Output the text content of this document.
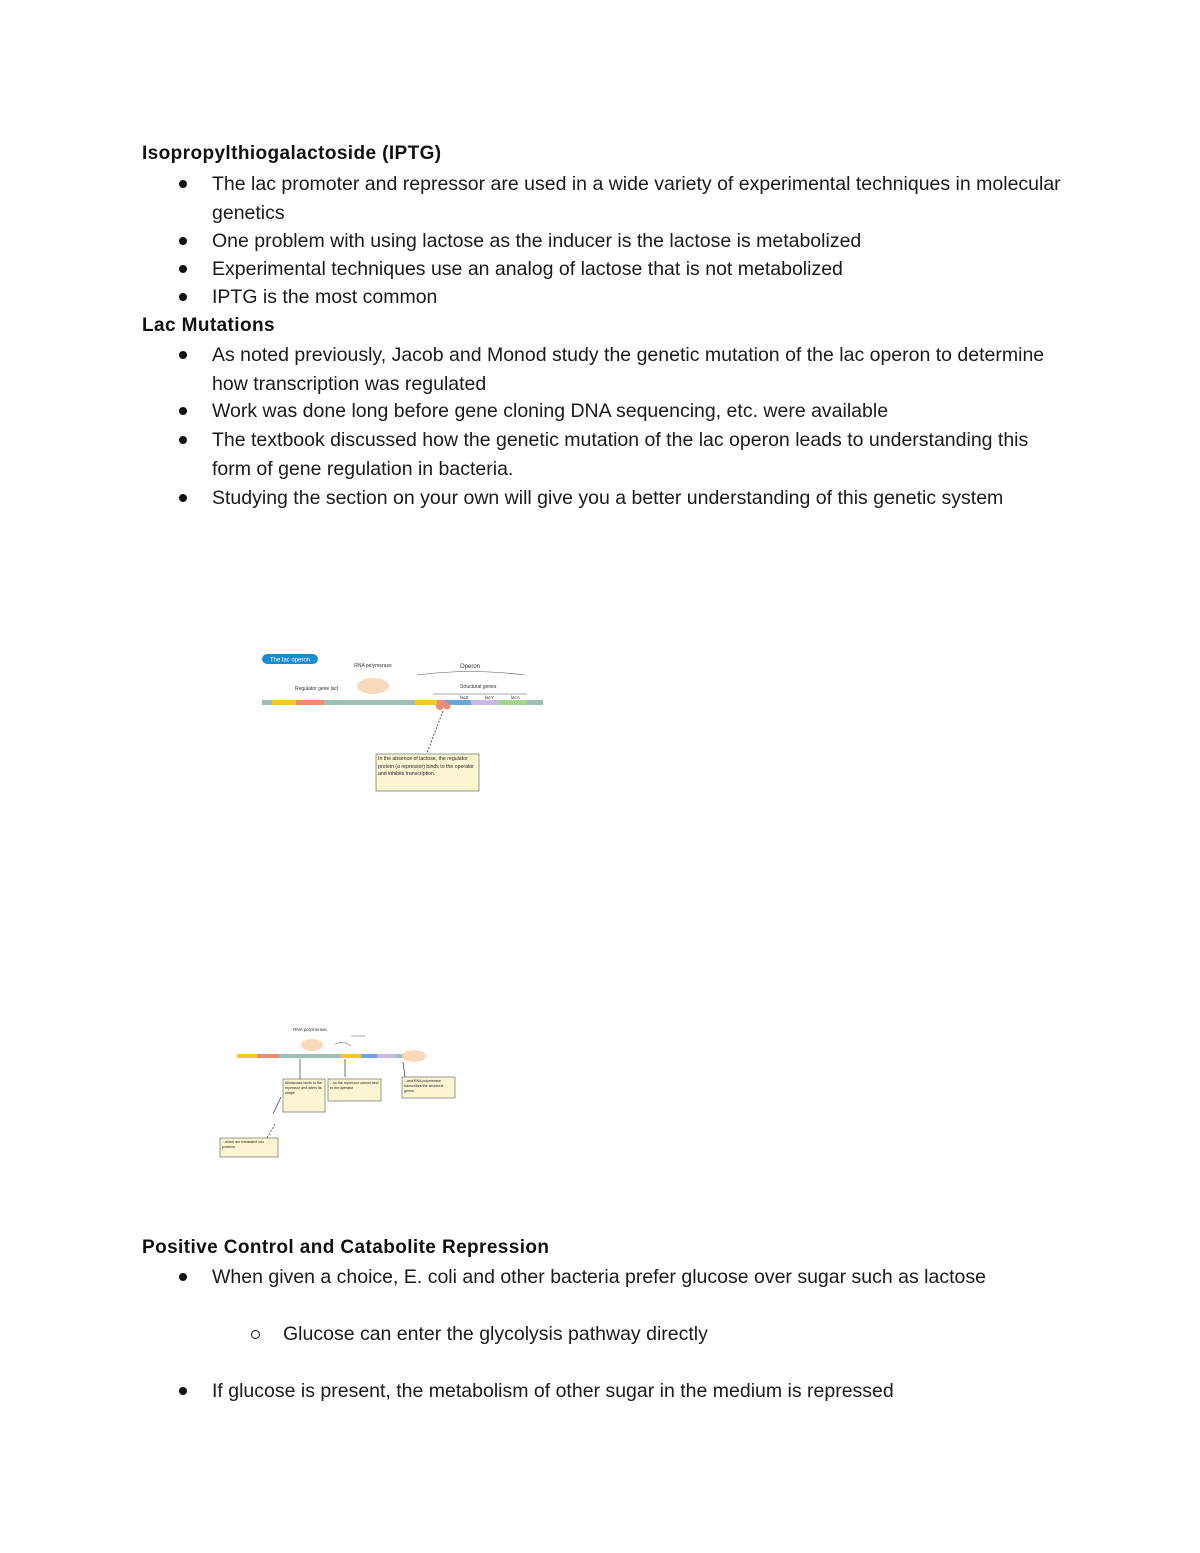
Isopropylthiogalactoside (IPTG)
The lac promoter and repressor are used in a wide variety of experimental techniques in molecular genetics
One problem with using lactose as the inducer is the lactose is metabolized
Experimental techniques use an analog of lactose that is not metabolized
IPTG is the most common
Lac Mutations
As noted previously, Jacob and Monod study the genetic mutation of the lac operon to determine how transcription was regulated
Work was done long before gene cloning DNA sequencing, etc. were available
The textbook discussed how the genetic mutation of the lac operon leads to understanding this form of gene regulation in bacteria.
Studying the section on your own will give you a better understanding of this genetic system
The lac operon
RNA polymerase	Operon
Regulator gene lacI	Structural genes
lacZ	lacY	lacA
In the absence of lactose, the regulator protein (a repressor) binds to the operator and inhibits transcription.
RNA polymerase
Allolactose binds to the repressor and alters its shape
...so the repressor cannot bind to the operator
...and RNA polymerase transcribes the structural genes
...which are translated into proteins
Positive Control and Catabolite Repression
When given a choice, E. coli and other bacteria prefer glucose over sugar such as lactose
Glucose can enter the glycolysis pathway directly
If glucose is present, the metabolism of other sugar in the medium is repressed
